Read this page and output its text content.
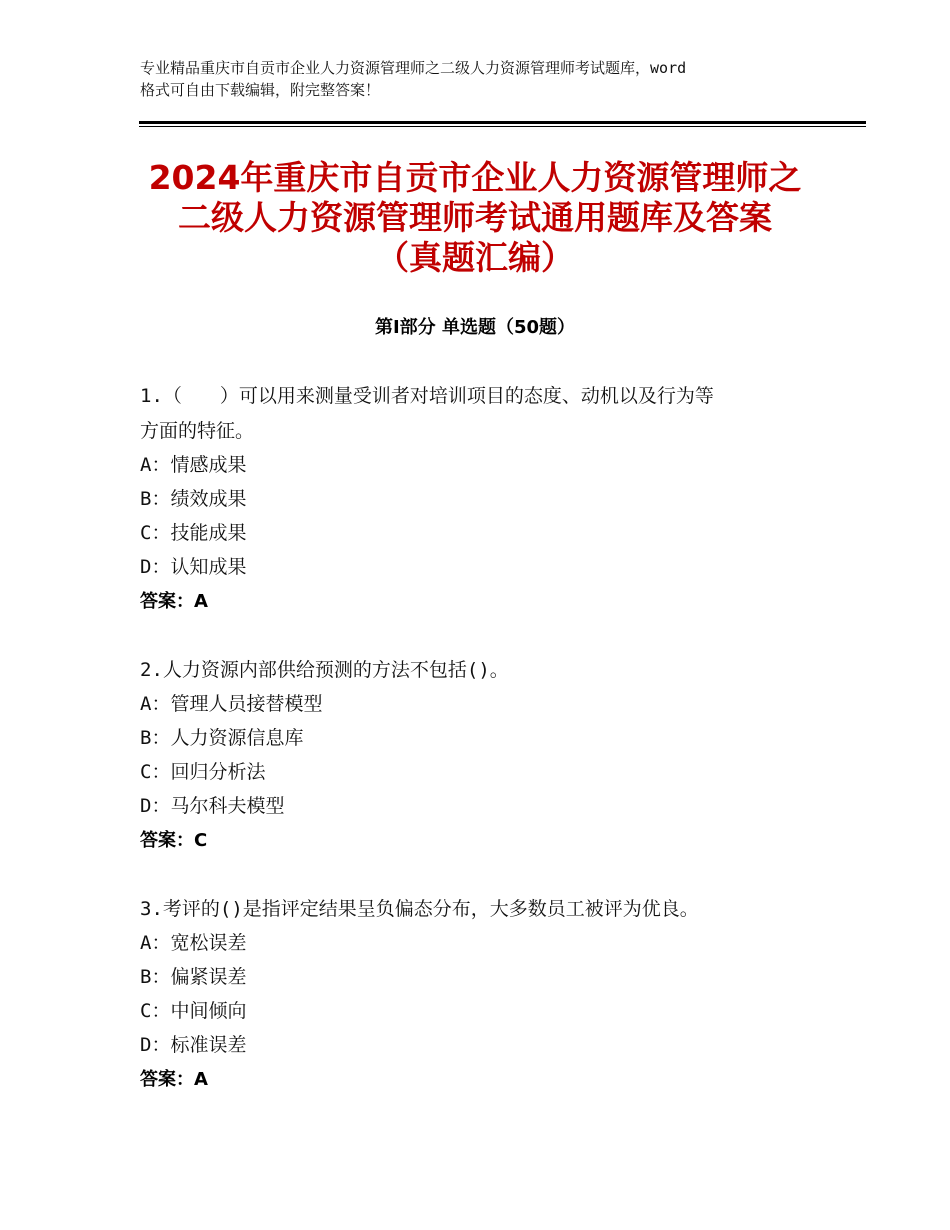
专业精品重庆市自贡市企业人力资源管理师之二级人力资源管理师考试题库，word
格式可自由下载编辑，附完整答案！
2024年重庆市自贡市企业人力资源管理师之
二级人力资源管理师考试通用题库及答案
（真题汇编）
第Ⅰ部分 单选题（50题）
1.（　　）可以用来测量受训者对培训项目的态度、动机以及行为等
方面的特征。
A：情感成果
B：绩效成果
C：技能成果
D：认知成果
答案：A
2.人力资源内部供给预测的方法不包括()。
A：管理人员接替模型
B：人力资源信息库
C：回归分析法
D：马尔科夫模型
答案：C
3.考评的()是指评定结果呈负偏态分布，大多数员工被评为优良。
A：宽松误差
B：偏紧误差
C：中间倾向
D：标准误差
答案：A
